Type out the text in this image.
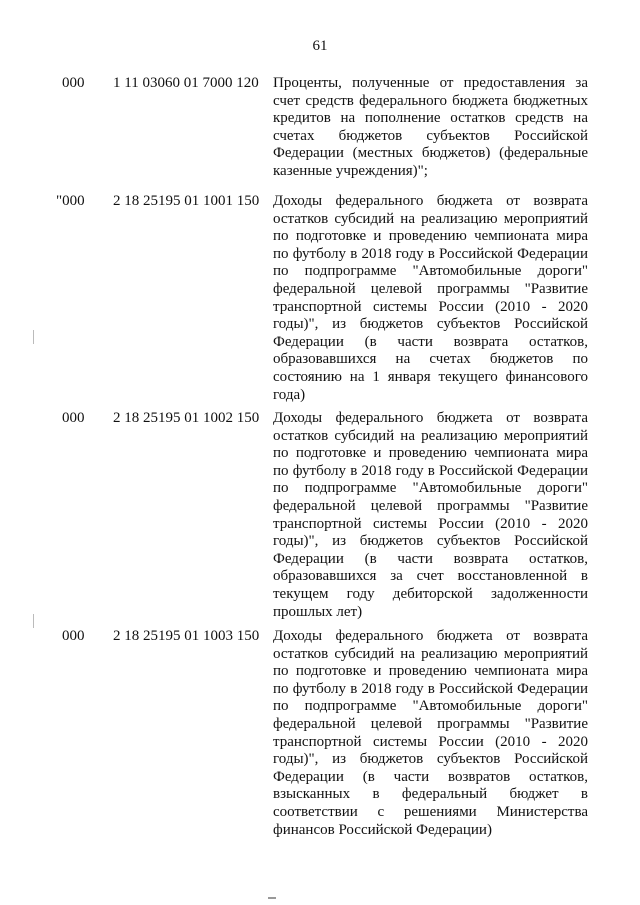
61
000	1 11 03060 01 7000 120 Проценты, полученные от предоставления за
счет средств федерального бюджета бюджетных
кредитов на пополнение остатков средств на
счетах бюджетов субъектов Российской
Федерации (местных бюджетов) (федеральные
казенные учреждения)";
"000	2 18 25195 01 1001 150 Доходы федерального бюджета от возврата
остатков субсидий на реализацию мероприятий
по подготовке и проведению чемпионата мира
по футболу в 2018 году в Российской Федерации
по подпрограмме "Автомобильные дороги"
федеральной целевой программы "Развитие
транспортной системы России (2010 - 2020
годы)", из бюджетов субъектов Российской
Федерации (в части возврата остатков,
образовавшихся на счетах бюджетов по
состоянию на 1 января текущего финансового
года)
000	2 18 25195 01 1002 150 Доходы федерального бюджета от возврата
остатков субсидий на реализацию мероприятий
по подготовке и проведению чемпионата мира
по футболу в 2018 году в Российской Федерации
по подпрограмме "Автомобильные дороги"
федеральной целевой программы "Развитие
транспортной системы России (2010 - 2020
годы)", из бюджетов субъектов Российской
Федерации (в части возврата остатков,
образовавшихся за счет восстановленной в
текущем году дебиторской задолженности
прошлых лет)
000	2 18 25195 01 1003 150 Доходы федерального бюджета от возврата
остатков субсидий на реализацию мероприятий
по подготовке и проведению чемпионата мира
по футболу в 2018 году в Российской Федерации
по подпрограмме "Автомобильные дороги"
федеральной целевой программы "Развитие
транспортной системы России (2010 - 2020
годы)", из бюджетов субъектов Российской
Федерации (в части возвратов остатков,
взысканных в федеральный бюджет в
соответствии с решениями Министерства
финансов Российской Федерации)
